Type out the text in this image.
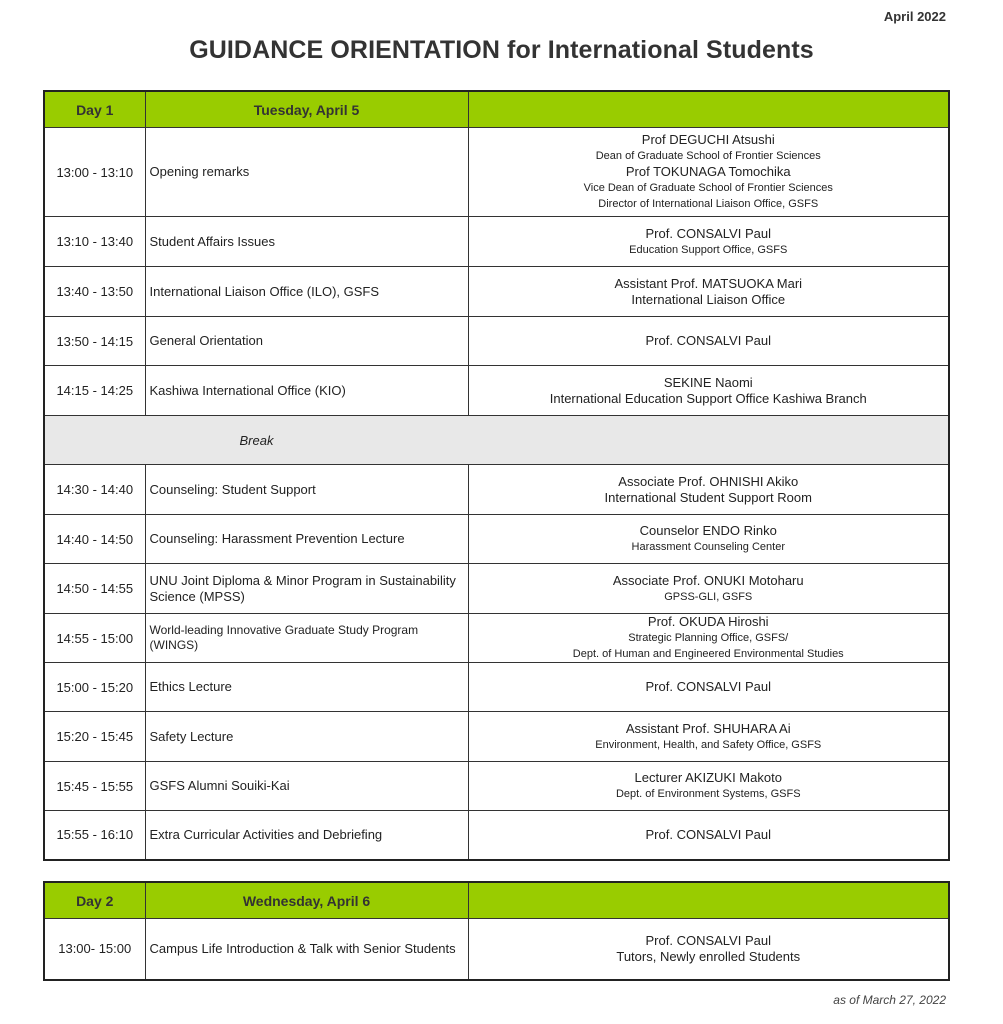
April 2022
GUIDANCE ORIENTATION for International Students
Day 1	Tuesday, April 5	
13:00 - 13:10	Opening remarks	Prof DEGUCHI Atsushi
Dean of Graduate School of Frontier Sciences
Prof TOKUNAGA Tomochika
Vice Dean of Graduate School of Frontier Sciences
Director of International Liaison Office, GSFS

13:10 - 13:40	Student Affairs Issues	Prof. CONSALVI Paul
Education Support Office, GSFS

13:40 - 13:50	International Liaison Office (ILO), GSFS	Assistant Prof. MATSUOKA Mari
International Liaison Office

13:50 - 14:15	General Orientation	Prof. CONSALVI Paul

14:15 - 14:25	Kashiwa International Office (KIO)	SEKINE Naomi
International Education Support Office Kashiwa Branch

Break		
14:30 - 14:40	Counseling: Student Support	Associate Prof. OHNISHI Akiko
International Student Support Room

14:40 - 14:50	Counseling: Harassment Prevention Lecture	Counselor ENDO Rinko
Harassment Counseling Center

14:50 - 14:55	UNU Joint Diploma & Minor Program in Sustainability Science (MPSS)	Associate Prof. ONUKI Motoharu
GPSS-GLI, GSFS

14:55 - 15:00	World-leading Innovative Graduate Study Program (WINGS)	Prof. OKUDA Hiroshi
Strategic Planning Office, GSFS/
Dept. of Human and Engineered Environmental Studies

15:00 - 15:20	Ethics Lecture	Prof. CONSALVI Paul

15:20 - 15:45	Safety Lecture	Assistant Prof. SHUHARA Ai
Environment, Health, and Safety Office, GSFS

15:45 - 15:55	GSFS Alumni Souiki-Kai	Lecturer AKIZUKI Makoto
Dept. of Environment Systems, GSFS

15:55 - 16:10	Extra Curricular Activities and Debriefing	Prof. CONSALVI Paul
Day 2	Wednesday, April 6	
13:00- 15:00	Campus Life Introduction & Talk with Senior Students	Prof. CONSALVI Paul
Tutors, Newly enrolled Students
as of March 27, 2022
